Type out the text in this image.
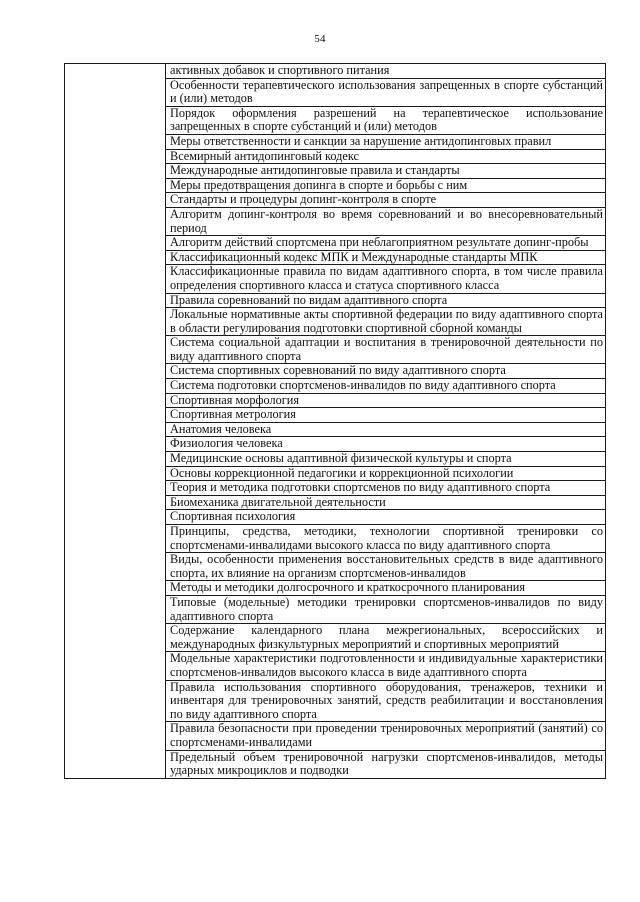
54
	активных добавок и спортивного питания
Особенности терапевтического использования запрещенных в спорте субстанций и (или) методов
Порядок оформления разрешений на терапевтическое использование запрещенных в спорте субстанций и (или) методов
Меры ответственности и санкции за нарушение антидопинговых правил
Всемирный антидопинговый кодекс
Международные антидопинговые правила и стандарты
Меры предотвращения допинга в спорте и борьбы с ним
Стандарты и процедуры допинг-контроля в спорте
Алгоритм допинг-контроля во время соревнований и во внесоревновательный период
Алгоритм действий спортсмена при неблагоприятном результате допинг-пробы
Классификационный кодекс МПК и Международные стандарты МПК
Классификационные правила по видам адаптивного спорта, в том числе правила определения спортивного класса и статуса спортивного класса
Правила соревнований по видам адаптивного спорта
Локальные нормативные акты спортивной федерации по виду адаптивного спорта в области регулирования подготовки спортивной сборной команды
Система социальной адаптации и воспитания в тренировочной деятельности по виду адаптивного спорта
Система спортивных соревнований по виду адаптивного спорта
Система подготовки спортсменов-инвалидов по виду адаптивного спорта
Спортивная морфология
Спортивная метрология
Анатомия человека
Физиология человека
Медицинские основы адаптивной физической культуры и спорта
Основы коррекционной педагогики и коррекционной психологии
Теория и методика подготовки спортсменов по виду адаптивного спорта
Биомеханика двигательной деятельности
Спортивная психология
Принципы, средства, методики, технологии спортивной тренировки со спортсменами-инвалидами высокого класса по виду адаптивного спорта
Виды, особенности применения восстановительных средств в виде адаптивного спорта, их влияние на организм спортсменов-инвалидов
Методы и методики долгосрочного и краткосрочного планирования
Типовые (модельные) методики тренировки спортсменов-инвалидов по виду адаптивного спорта
Содержание календарного плана межрегиональных, всероссийских и международных физкультурных мероприятий и спортивных мероприятий
Модельные характеристики подготовленности и индивидуальные характеристики спортсменов-инвалидов высокого класса в виде адаптивного спорта
Правила использования спортивного оборудования, тренажеров, техники и инвентаря для тренировочных занятий, средств реабилитации и восстановления по виду адаптивного спорта
Правила безопасности при проведении тренировочных мероприятий (занятий) со спортсменами-инвалидами
Предельный объем тренировочной нагрузки спортсменов-инвалидов, методы ударных микроциклов и подводки
